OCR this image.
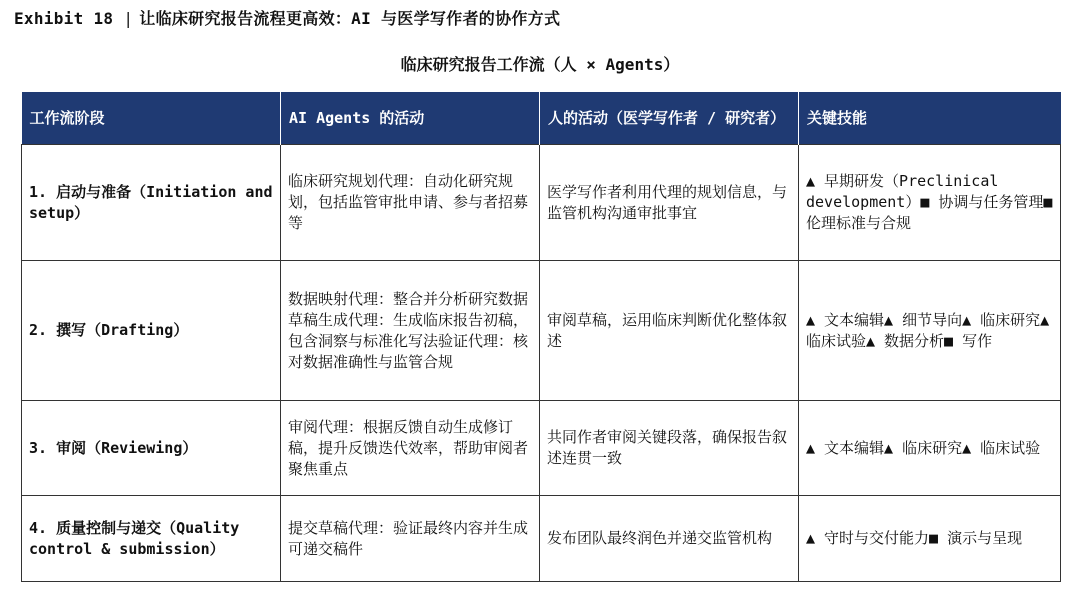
Exhibit 18 | 让临床研究报告流程更高效：AI 与医学写作者的协作方式
临床研究报告工作流（人 × Agents）
工作流阶段	AI Agents 的活动	人的活动（医学写作者 / 研究者）	关键技能
1. 启动与准备（Initiation and setup）	临床研究规划代理：自动化研究规划，包括监管审批申请、参与者招募等	医学写作者利用代理的规划信息，与监管机构沟通审批事宜	▲ 早期研发（Preclinical development）■ 协调与任务管理■ 伦理标准与合规
2. 撰写（Drafting）	数据映射代理：整合并分析研究数据草稿生成代理：生成临床报告初稿，包含洞察与标准化写法验证代理：核对数据准确性与监管合规	审阅草稿，运用临床判断优化整体叙述	▲ 文本编辑▲ 细节导向▲ 临床研究▲ 临床试验▲ 数据分析■ 写作
3. 审阅（Reviewing）	审阅代理：根据反馈自动生成修订稿，提升反馈迭代效率，帮助审阅者聚焦重点	共同作者审阅关键段落，确保报告叙述连贯一致	▲ 文本编辑▲ 临床研究▲ 临床试验
4. 质量控制与递交（Quality control & submission）	提交草稿代理：验证最终内容并生成可递交稿件	发布团队最终润色并递交监管机构	▲ 守时与交付能力■ 演示与呈现
